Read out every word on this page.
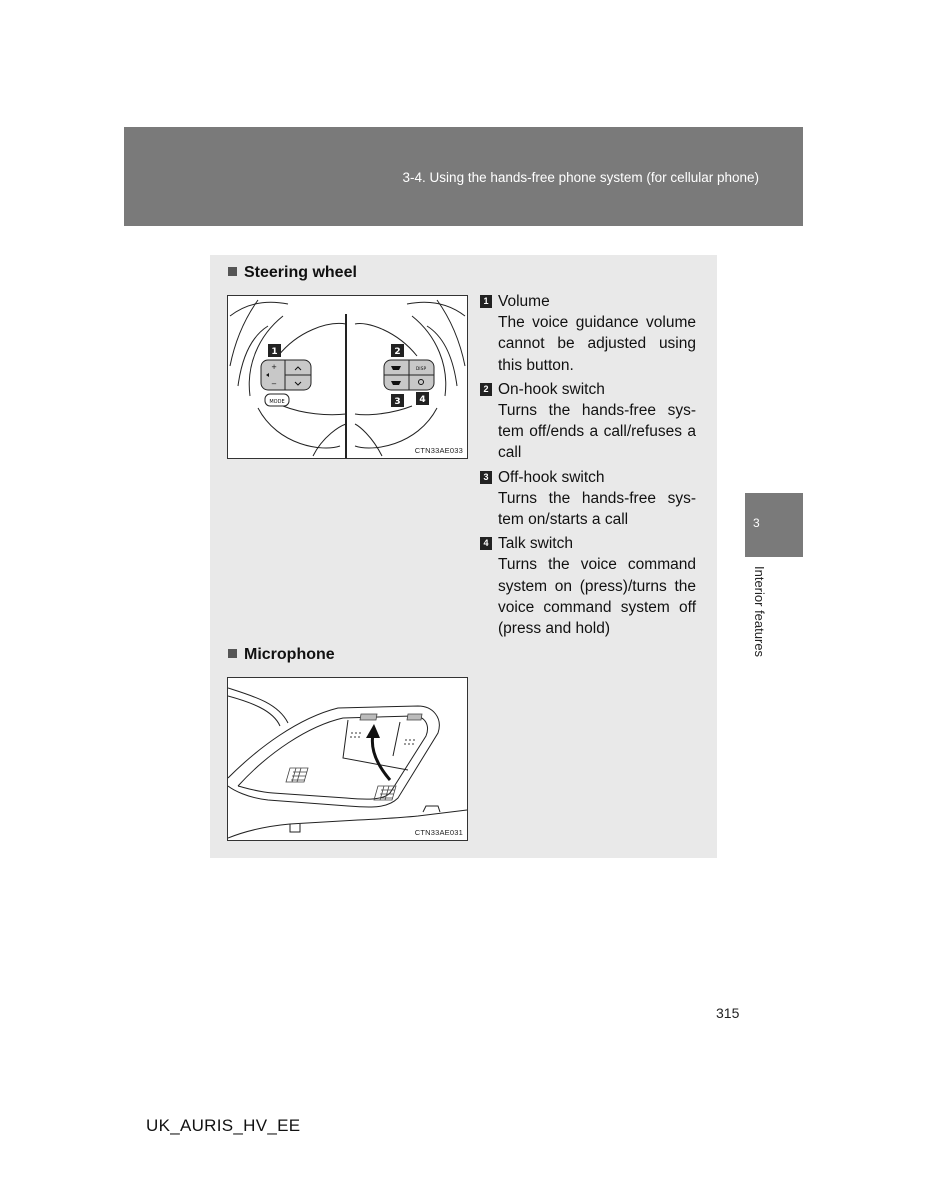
3-4. Using the hands-free phone system (for cellular phone)
Steering wheel
+
−
MODE
DISP
1	2
3 4
CTN33AE033
1 Volume
The voice guidance volume cannot be adjusted using this button.
2 On-hook switch
Turns the hands-free sys-tem off/ends a call/refuses a call
3 Off-hook switch
Turns the hands-free sys-tem on/starts a call
4 Talk switch
Turns the voice command system on (press)/turns the voice command system off (press and hold)
Microphone
CTN33AE031
3
Interior features
315
UK_AURIS_HV_EE
